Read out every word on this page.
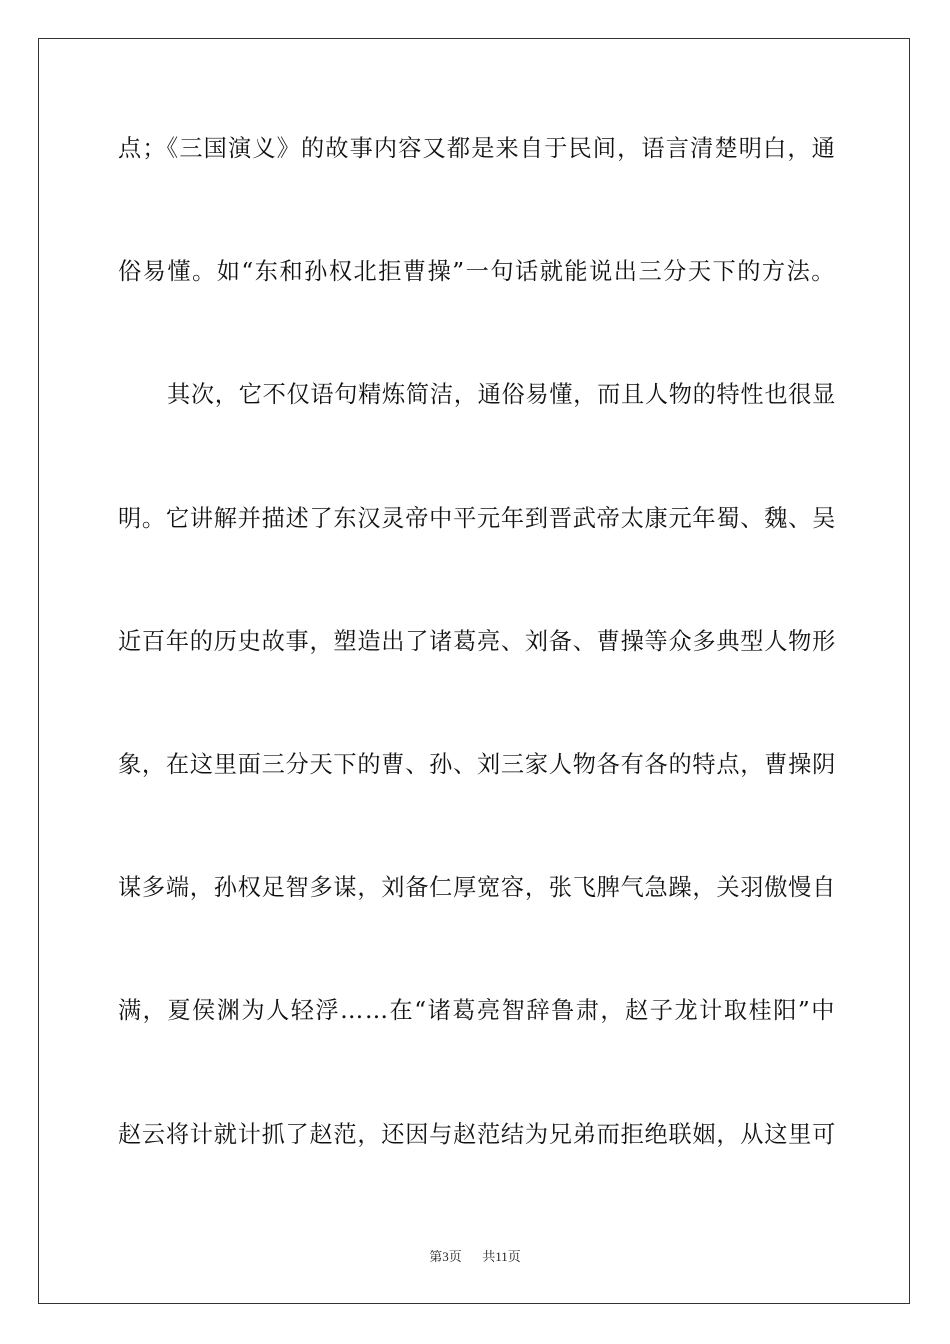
点；《三国演义》的故事内容又都是来自于民间，语言清楚明白，通
俗易懂。如“东和孙权北拒曹操”一句话就能说出三分天下的方法。
其次，它不仅语句精炼简洁，通俗易懂，而且人物的特性也很显
明。它讲解并描述了东汉灵帝中平元年到晋武帝太康元年蜀、魏、吴
近百年的历史故事，塑造出了诸葛亮、刘备、曹操等众多典型人物形
象，在这里面三分天下的曹、孙、刘三家人物各有各的特点，曹操阴
谋多端，孙权足智多谋，刘备仁厚宽容，张飞脾气急躁，关羽傲慢自
满，夏侯渊为人轻浮……在“诸葛亮智辞鲁肃，赵子龙计取桂阳”中
赵云将计就计抓了赵范，还因与赵范结为兄弟而拒绝联姻，从这里可
第3页 共11页
